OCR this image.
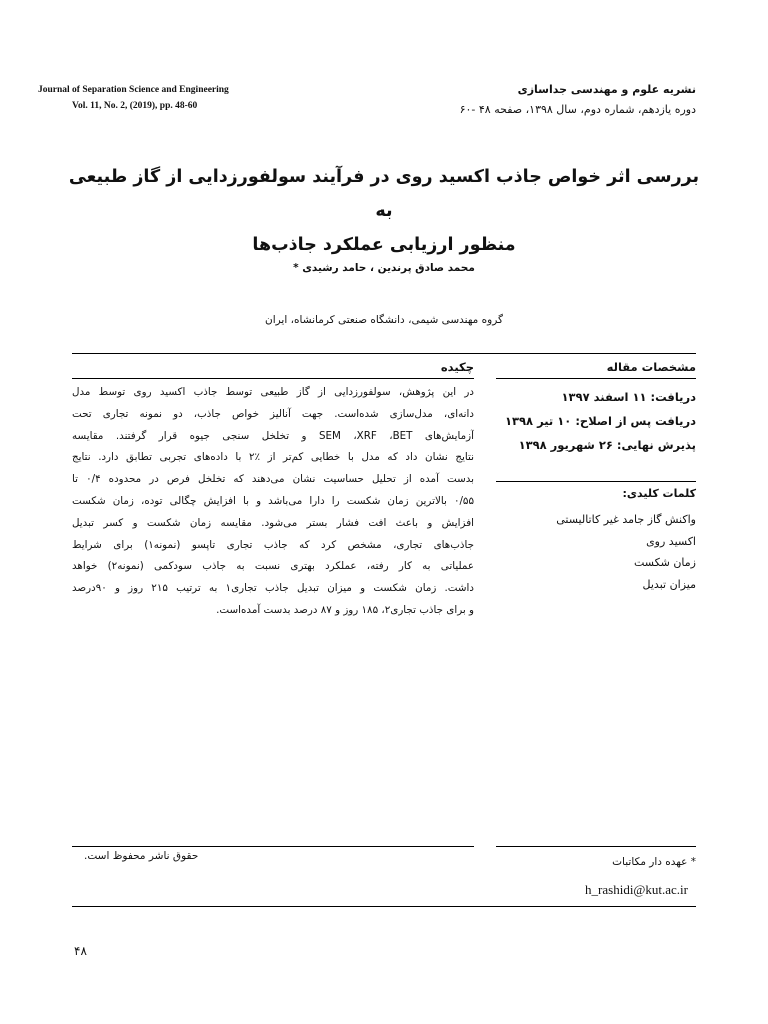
Journal of Separation Science and Engineering
Vol. 11, No. 2, (2019), pp. 48-60
نشریه علوم و مهندسی جداسازی
دوره یازدهم، شماره دوم، سال ۱۳۹۸، صفحه ۴۸ -۶۰
بررسی اثر خواص جاذب اکسید روی در فرآیند سولفورزدایی از گاز طبیعی به
منظور ارزیابی عملکرد جاذب‌ها
محمد صادق پرندین ، حامد رشیدی *
گروه مهندسی شیمی، دانشگاه صنعتی کرمانشاه، ایران
مشخصات مقاله
دریافت: ۱۱ اسفند ۱۳۹۷
دریافت پس از اصلاح: ۱۰ تیر ۱۳۹۸
پذیرش نهایی: ۲۶ شهریور ۱۳۹۸
کلمات کلیدی:
واکنش گاز جامد غیر کاتالیستی
اکسید روی
زمان شکست
میزان تبدیل
چکیده
در این پژوهش، سولفورزدایی از گاز طبیعی توسط جاذب اکسید روی توسط مدل
دانه‌ای، مدل‌سازی شده‌است. جهت آنالیز خواص جاذب، دو نمونه تجاری تحت
آزمایش‌های SEM ،XRF ،BET و تخلخل سنجی جیوه قرار گرفتند. مقایسه
نتایج نشان داد که مدل با خطایی کم‌تر از ٪۲ با داده‌های تجربی تطابق دارد. نتایج
بدست آمده از تحلیل حساسیت نشان می‌دهند که تخلخل فرص در محدوده ۰/۴ تا
۰/۵۵ بالاترین زمان شکست را دارا می‌باشد و با افزایش چگالی توده، زمان شکست
افزایش و باعث افت فشار بستر می‌شود. مقایسه زمان شکست و کسر تبدیل
جاذب‌های تجاری، مشخص کرد که جاذب تجاری تاپسو (نمونه۱) برای شرایط
عملیاتی به کار رفته، عملکرد بهتری نسبت به جاذب سودکمی (نمونه۲) خواهد
داشت. زمان شکست و میزان تبدیل جاذب تجاری۱ به ترتیب ۲۱۵ روز و ۹۰درصد
و برای جاذب تجاری۲، ۱۸۵ روز و ۸۷ درصد بدست آمده‌است.
حقوق ناشر محفوظ است.	* عهده دار مکاتبات
h_rashidi@kut.ac.ir
۴۸
